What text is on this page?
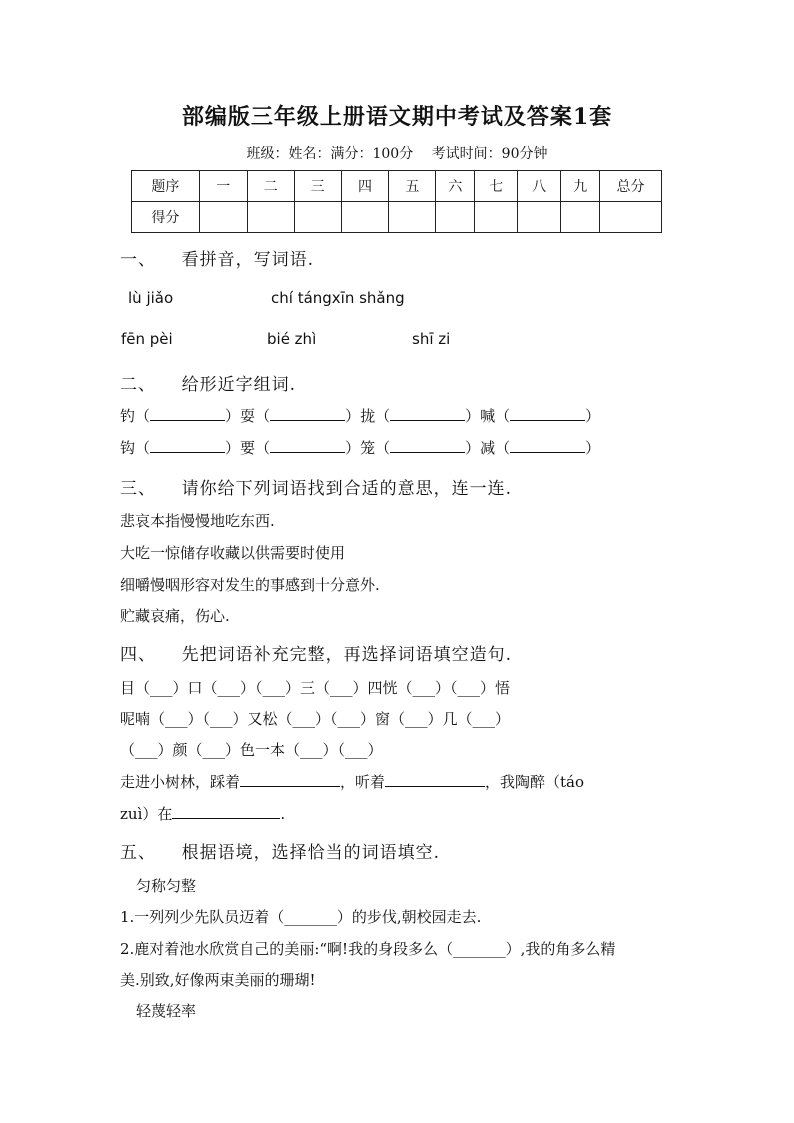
部编版三年级上册语文期中考试及答案1套
班级：姓名：满分：100分 考试时间：90分钟
题序	一	二	三	四	五	六	七	八	九	总分
得分										
一、 看拼音，写词语.
lù jiǎo	chí tángxīn shǎng
fēn pèi	bié zhì	shī zi
二、 给形近字组词.
钓（	）耍（	）拢（	）喊（	）
钩（	）要（	）笼（	）减（	）
三、 请你给下列词语找到合适的意思，连一连.
悲哀本指慢慢地吃东西.
大吃一惊储存收藏以供需要时使用
细嚼慢咽形容对发生的事感到十分意外.
贮藏哀痛，伤心.
四、 先把词语补充完整，再选择词语填空造句.
目（___）口（___）（___）三（___）四恍（___）（___）悟
呢喃（___）（___）又松（___）（___）窗（___）几（___）
（___）颜（___）色一本（___）（___）
走进小树林，踩着	，听着	，我陶醉（táo
zuì）在	.
五、 根据语境，选择恰当的词语填空.
匀称匀整
1.一列列少先队员迈着（_______）的步伐,朝校园走去.
2.鹿对着池水欣赏自己的美丽:“啊!我的身段多么（_______）,我的角多么精
美.别致,好像两束美丽的珊瑚!
轻蔑轻率
